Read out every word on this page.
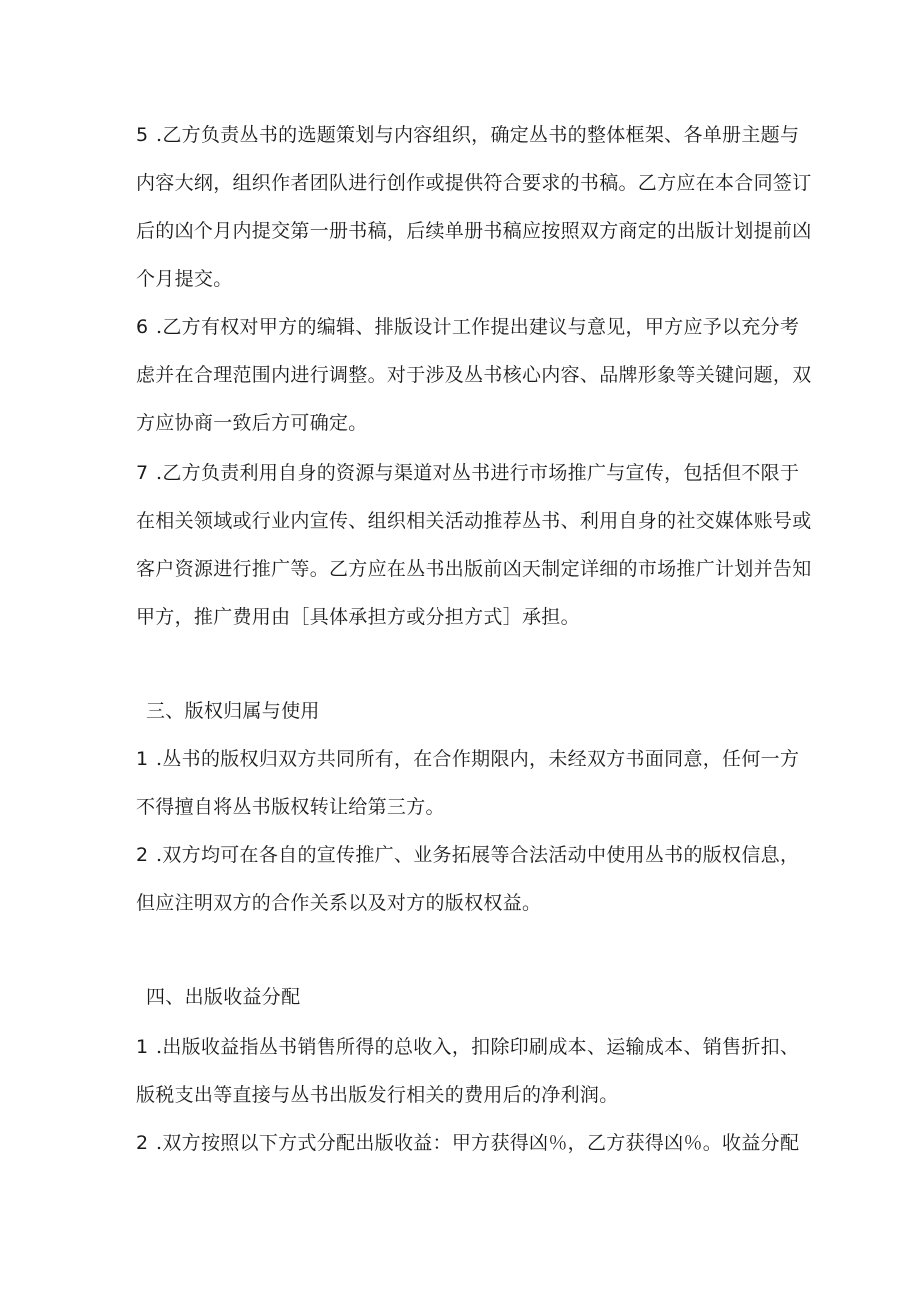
5 .乙方负责丛书的选题策划与内容组织，确定丛书的整体框架、各单册主题与

内容大纲，组织作者团队进行创作或提供符合要求的书稿。乙方应在本合同签订

后的凶个月内提交第一册书稿，后续单册书稿应按照双方商定的出版计划提前凶

个月提交。

6 .乙方有权对甲方的编辑、排版设计工作提出建议与意见，甲方应予以充分考

虑并在合理范围内进行调整。对于涉及丛书核心内容、品牌形象等关键问题，双

方应协商一致后方可确定。

7 .乙方负责利用自身的资源与渠道对丛书进行市场推广与宣传，包括但不限于

在相关领域或行业内宣传、组织相关活动推荐丛书、利用自身的社交媒体账号或

客户资源进行推广等。乙方应在丛书出版前凶天制定详细的市场推广计划并告知

甲方，推广费用由［具体承担方或分担方式］承担。

三、版权归属与使用

1 .丛书的版权归双方共同所有，在合作期限内，未经双方书面同意，任何一方

不得擅自将丛书版权转让给第三方。

2 .双方均可在各自的宣传推广、业务拓展等合法活动中使用丛书的版权信息，

但应注明双方的合作关系以及对方的版权权益。

四、出版收益分配

1 .出版收益指丛书销售所得的总收入，扣除印刷成本、运输成本、销售折扣、

版税支出等直接与丛书出版发行相关的费用后的净利润。

2 .双方按照以下方式分配出版收益：甲方获得凶％，乙方获得凶％。收益分配
